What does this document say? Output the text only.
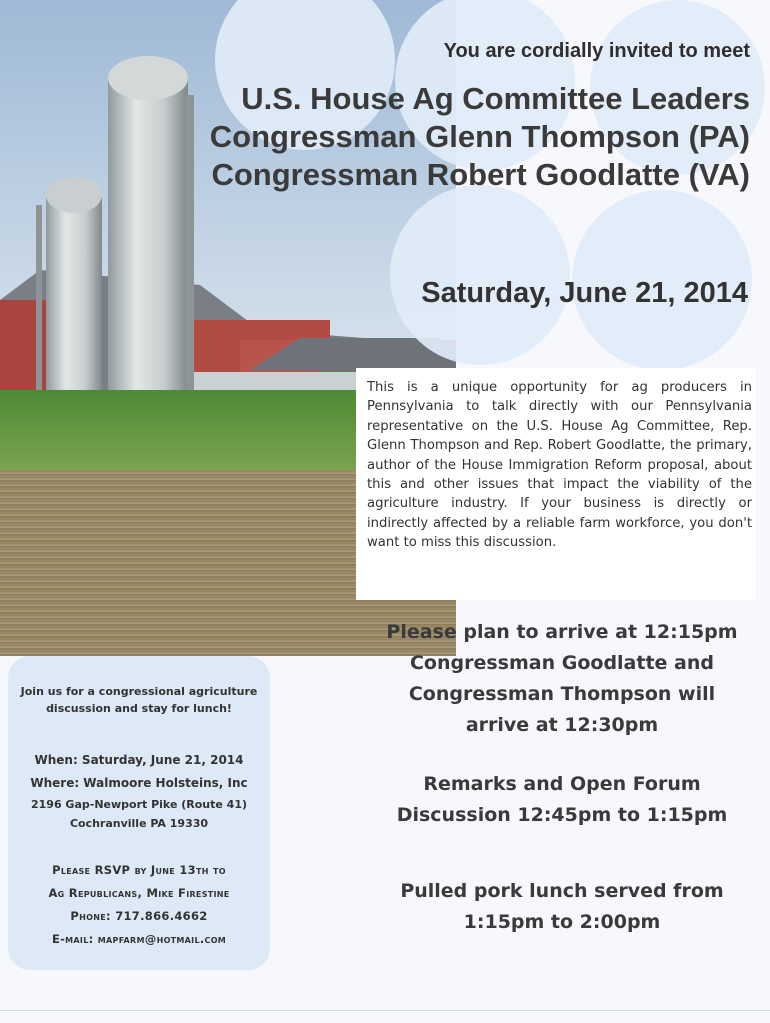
You are cordially invited to meet
U.S. House Ag Committee Leaders
Congressman Glenn Thompson (PA)
Congressman Robert Goodlatte (VA)
Saturday, June 21, 2014
This is a unique opportunity for ag producers in Pennsylvania to talk directly with our Pennsylvania representative on the U.S. House Ag Committee, Rep. Glenn Thompson and Rep. Robert Goodlatte, the primary, author of the House Immigration Reform proposal, about this and other issues that impact the viability of the agriculture industry. If your business is directly or indirectly affected by a reliable farm workforce, you don't want to miss this discussion.
Please plan to arrive at 12:15pm
Congressman Goodlatte and
Congressman Thompson will
arrive at 12:30pm
Remarks and Open Forum
Discussion 12:45pm to 1:15pm
Pulled pork lunch served from
1:15pm to 2:00pm
Join us for a congressional agriculture
discussion and stay for lunch!
When: Saturday, June 21, 2014
Where: Walmoore Holsteins, Inc
2196 Gap-Newport Pike (Route 41)
Cochranville PA 19330
Please RSVP by June 13th to
Ag Republicans, Mike Firestine
Phone: 717.866.4662
E-mail: mapfarm@hotmail.com
